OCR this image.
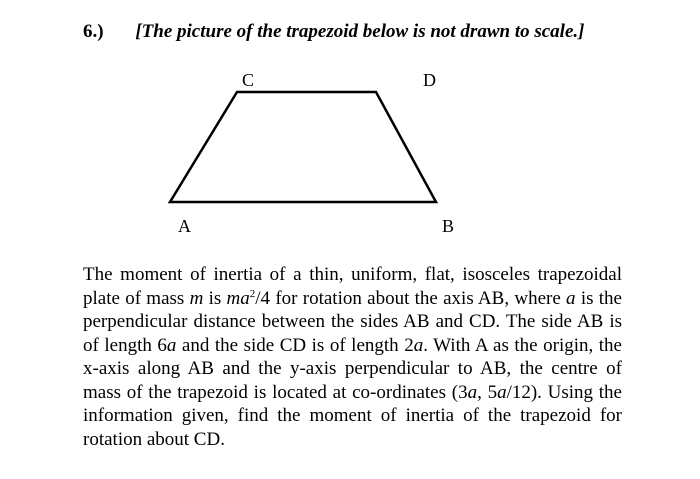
6.) [The picture of the trapezoid below is not drawn to scale.]
C	D
A	B
The moment of inertia of a thin, uniform, flat, isosceles trapezoidal plate of mass m is $ma^2/4$ for rotation about the axis AB, where a is the perpendicular distance between the sides AB and CD. The side AB is of length 6a and the side CD is of length 2a. With A as the origin, the x-axis along AB and the y-axis perpendicular to AB, the centre of mass of the trapezoid is located at co-ordinates (3a, 5a/12). Using the information given, find the moment of inertia of the trapezoid for rotation about CD.
